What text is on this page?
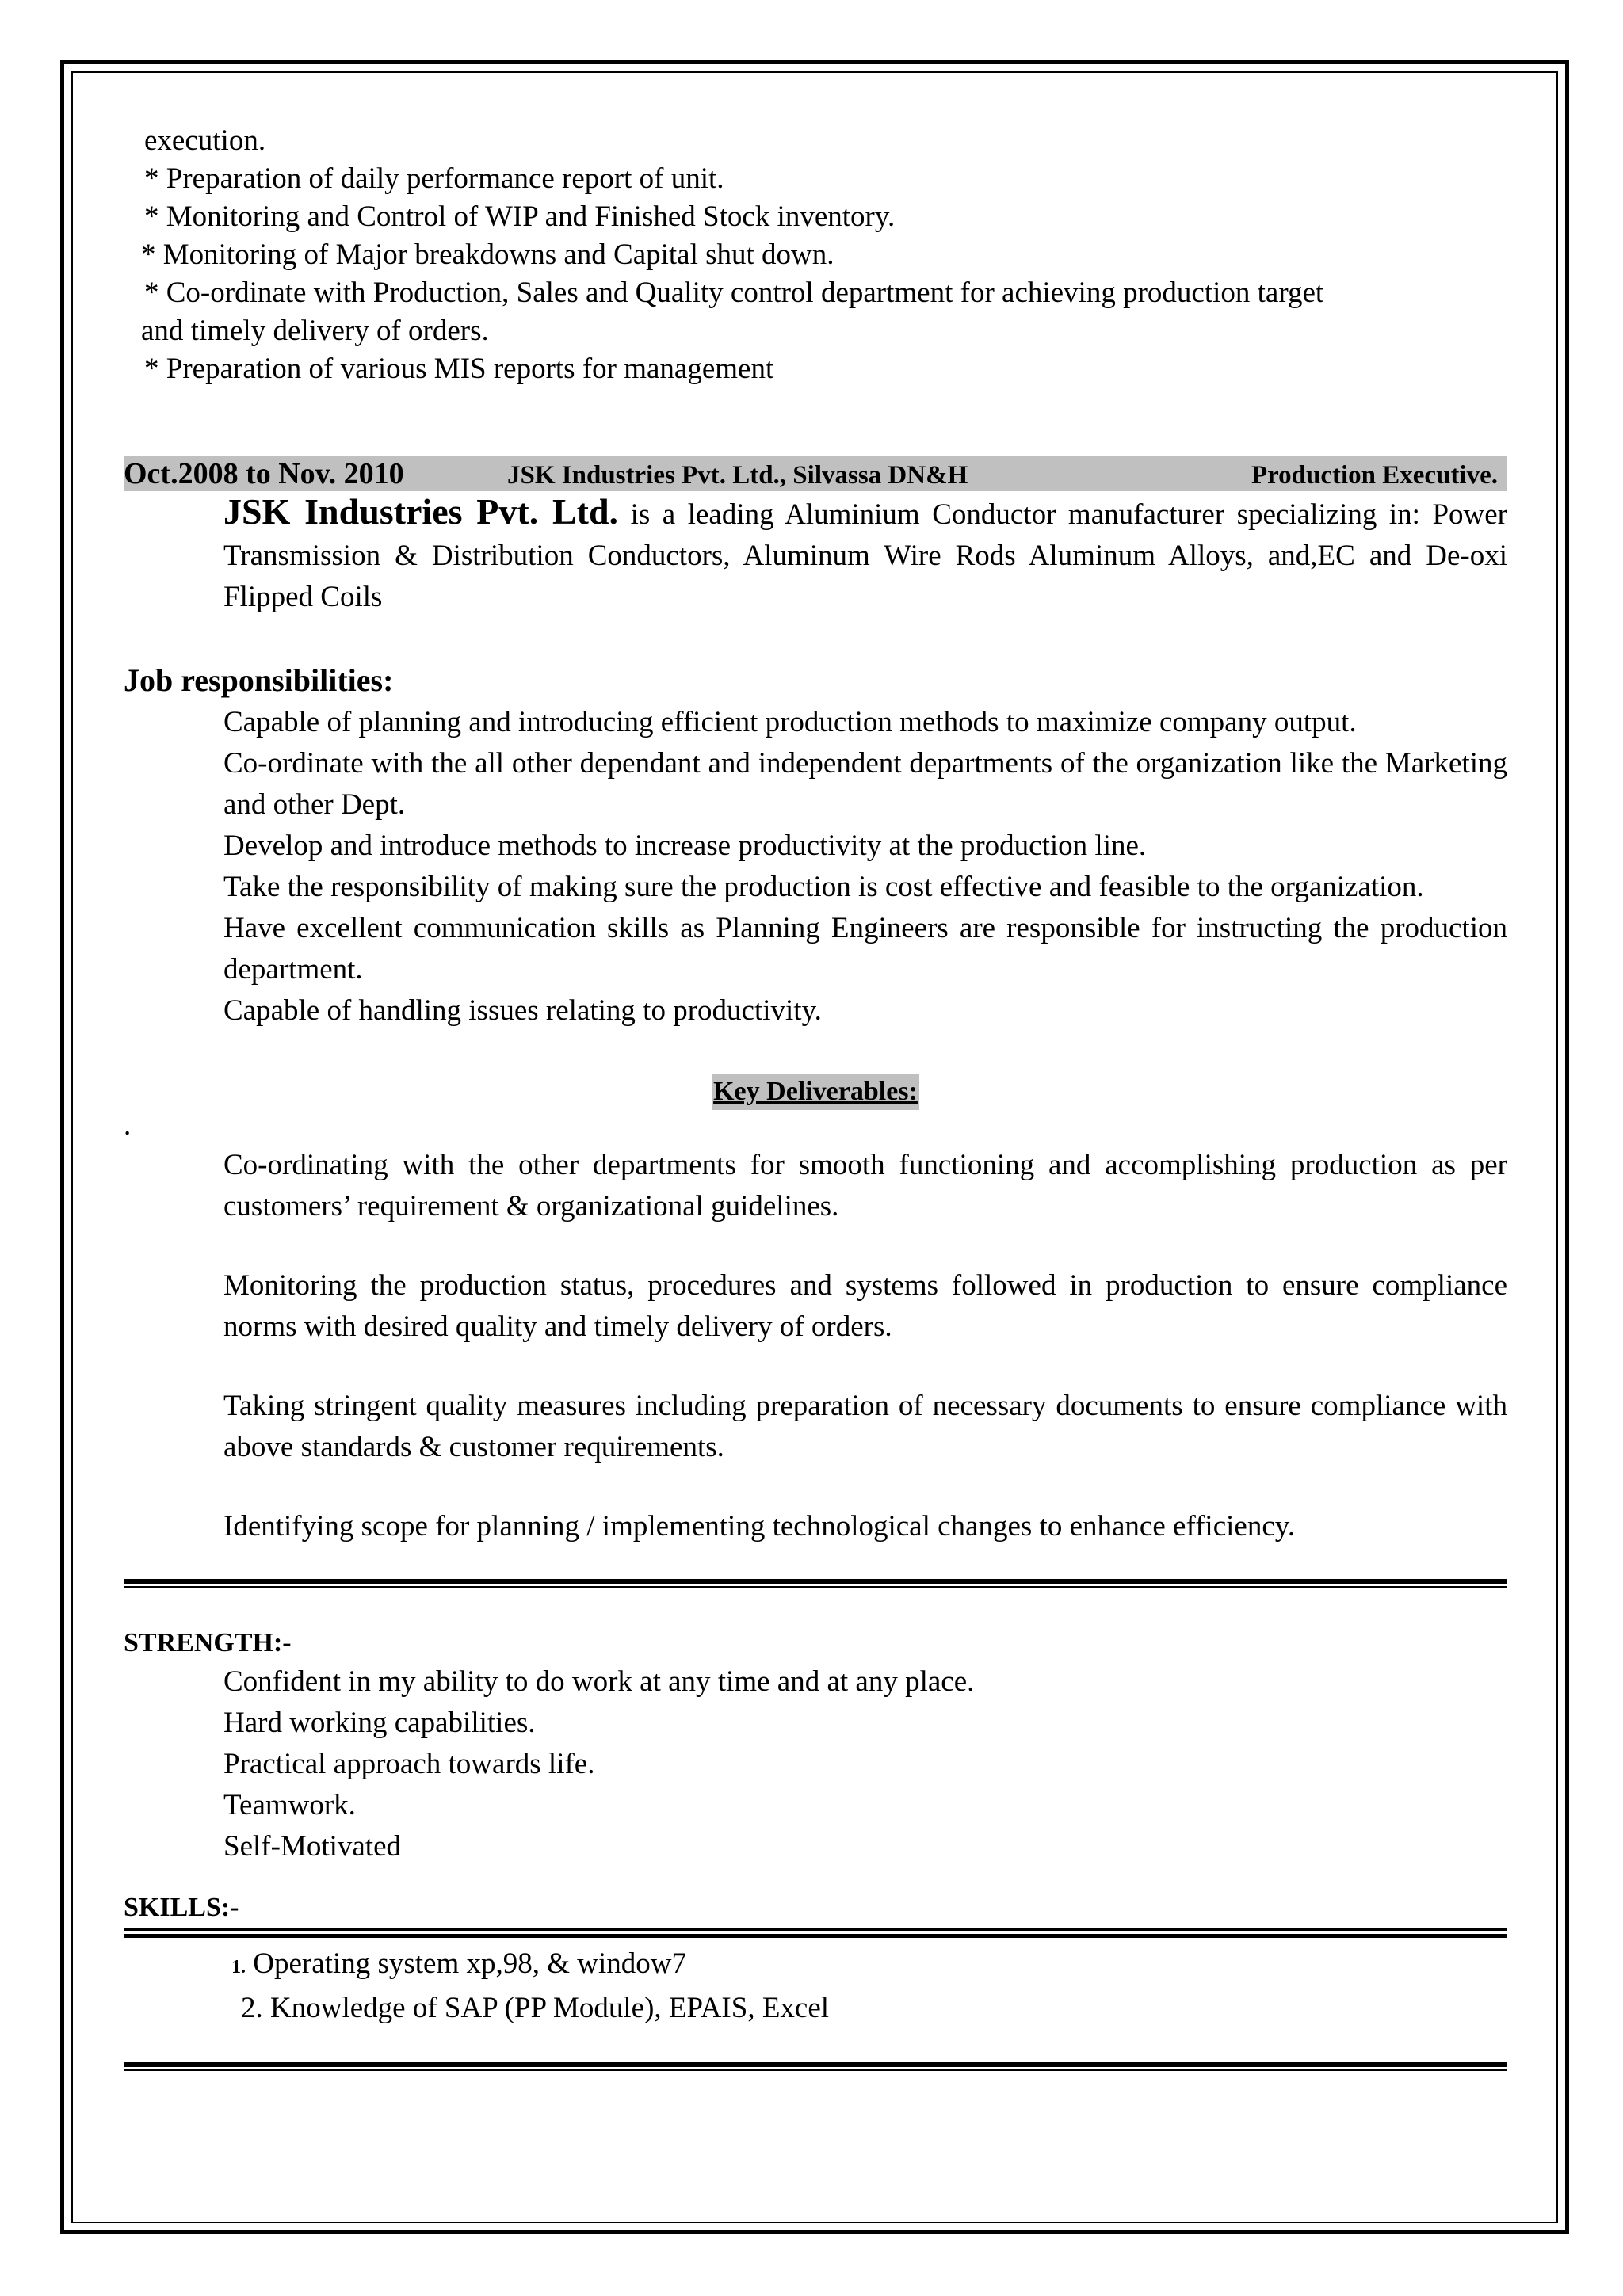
execution.
* Preparation of daily performance report of unit.
* Monitoring and Control of WIP and Finished Stock inventory.
* Monitoring of Major breakdowns and Capital shut down.
* Co-ordinate with Production, Sales and Quality control department for achieving production target
and timely delivery of orders.
* Preparation of various MIS reports for management
Oct.2008 to Nov. 2010	JSK Industries Pvt. Ltd., Silvassa DN&H	Production Executive.
JSK Industries Pvt. Ltd. is a leading Aluminium Conductor manufacturer specializing in: Power Transmission & Distribution Conductors, Aluminum Wire Rods Aluminum Alloys, and,EC and De-oxi Flipped Coils
Job responsibilities:
Capable of planning and introducing efficient production methods to maximize company output.
Co-ordinate with the all other dependant and independent departments of the organization like the Marketing and other Dept.
Develop and introduce methods to increase productivity at the production line.
Take the responsibility of making sure the production is cost effective and feasible to the organization.
Have excellent communication skills as Planning Engineers are responsible for instructing the production department.
Capable of handling issues relating to productivity.
Key Deliverables:
.
Co-ordinating with the other departments for smooth functioning and accomplishing production as per customers’ requirement & organizational guidelines.
Monitoring the production status, procedures and systems followed in production to ensure compliance norms with desired quality and timely delivery of orders.
Taking stringent quality measures including preparation of necessary documents to ensure compliance with above standards & customer requirements.
Identifying scope for planning / implementing technological changes to enhance efficiency.
STRENGTH:-
Confident in my ability to do work at any time and at any place.
Hard working capabilities.
Practical approach towards life.
Teamwork.
Self-Motivated
SKILLS:-
1. Operating system xp,98, & window7
2. Knowledge of SAP (PP Module), EPAIS, Excel
